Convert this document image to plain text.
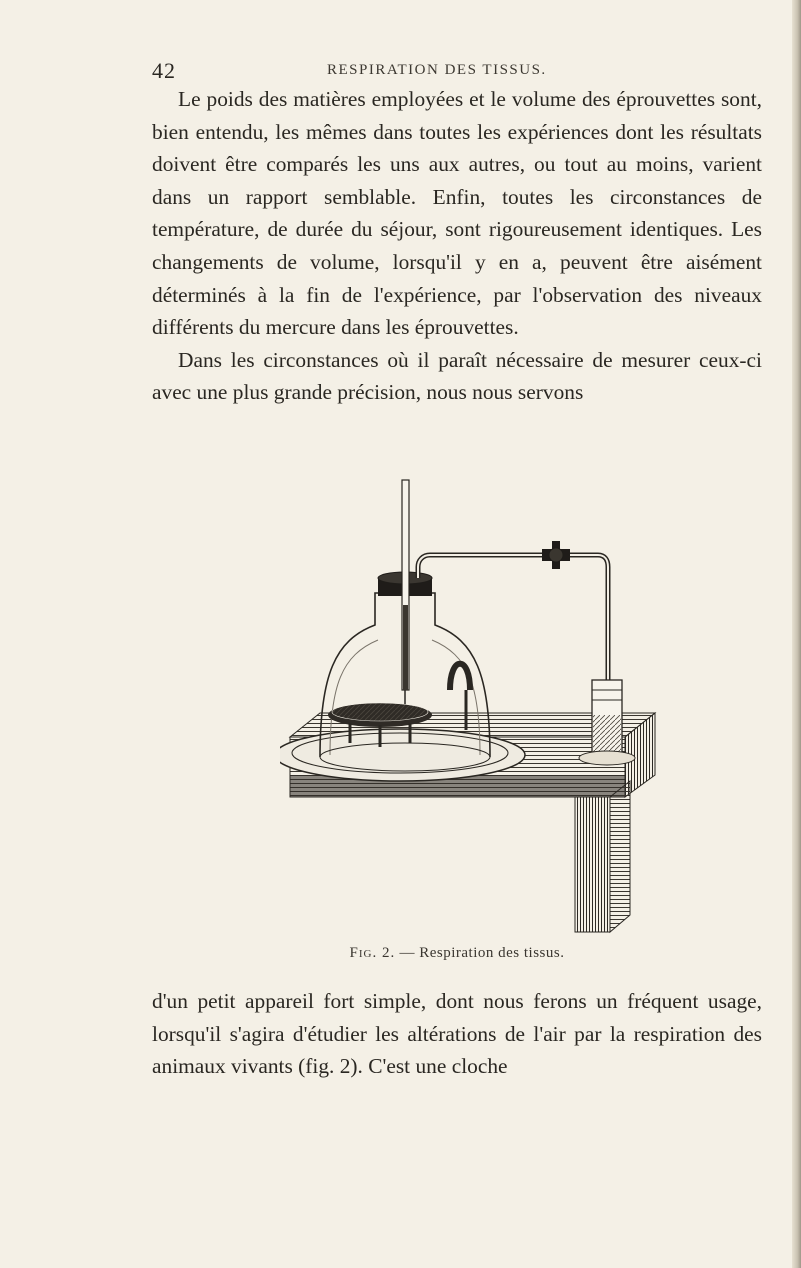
42	RESPIRATION DES TISSUS.

Le poids des matières employées et le volume des éprouvettes sont, bien entendu, les mêmes dans toutes les expériences dont les résultats doivent être comparés les uns aux autres, ou tout au moins, varient dans un rapport semblable. Enfin, toutes les circonstances de température, de durée du séjour, sont rigoureusement identiques. Les changements de volume, lorsqu'il y en a, peuvent être aisément déterminés à la fin de l'expérience, par l'observation des niveaux différents du mercure dans les éprouvettes.

Dans les circonstances où il paraît nécessaire de mesurer ceux-ci avec une plus grande précision, nous nous servons

Fig. 2. — Respiration des tissus.

d'un petit appareil fort simple, dont nous ferons un fréquent usage, lorsqu'il s'agira d'étudier les altérations de l'air par la respiration des animaux vivants (fig. 2). C'est une cloche
